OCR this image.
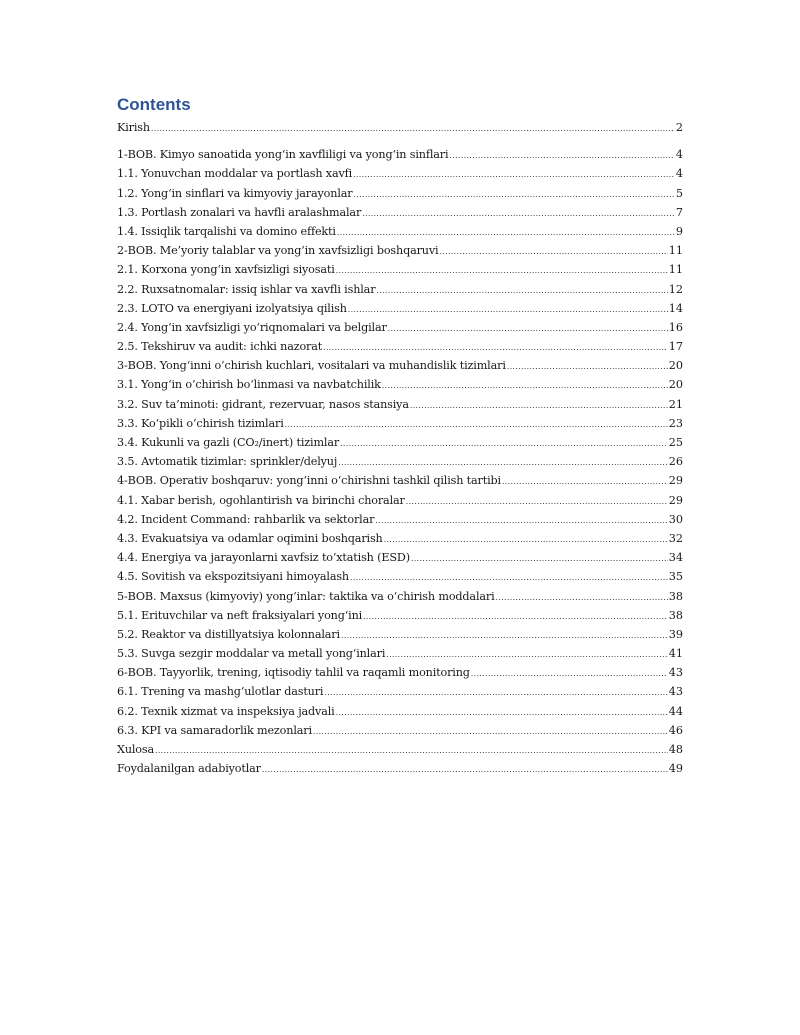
Contents
Kirish .....	2
1-BOB. Kimyo sanoatida yong‘in xavfliligi va yong‘in sinflari .....	4
1.1. Yonuvchan moddalar va portlash xavfi .....	4
1.2. Yong‘in sinflari va kimyoviy jarayonlar .....	5
1.3. Portlash zonalari va havfli aralashmalar .....	7
1.4. Issiqlik tarqalishi va domino effekti .....	9
2-BOB. Me’yoriy talablar va yong‘in xavfsizligi boshqaruvi .....	11
2.1. Korxona yong‘in xavfsizligi siyosati .....	11
2.2. Ruxsatnomalar: issiq ishlar va xavfli ishlar .....	12
2.3. LOTO va energiyani izolyatsiya qilish .....	14
2.4. Yong‘in xavfsizligi yo‘riqnomalari va belgilar .....	16
2.5. Tekshiruv va audit: ichki nazorat .....	17
3-BOB. Yong‘inni o‘chirish kuchlari, vositalari va muhandislik tizimlari .....	20
3.1. Yong‘in o‘chirish bo‘linmasi va navbatchilik .....	20
3.2. Suv ta’minoti: gidrant, rezervuar, nasos stansiya .....	21
3.3. Ko‘pikli o‘chirish tizimlari .....	23
3.4. Kukunli va gazli (CO₂/inert) tizimlar .....	25
3.5. Avtomatik tizimlar: sprinkler/delyuj .....	26
4-BOB. Operativ boshqaruv: yong‘inni o‘chirishni tashkil qilish tartibi .....	29
4.1. Xabar berish, ogohlantirish va birinchi choralar .....	29
4.2. Incident Command: rahbarlik va sektorlar .....	30
4.3. Evakuatsiya va odamlar oqimini boshqarish .....	32
4.4. Energiya va jarayonlarni xavfsiz to‘xtatish (ESD) .....	34
4.5. Sovitish va ekspozitsiyani himoyalash .....	35
5-BOB. Maxsus (kimyoviy) yong‘inlar: taktika va o‘chirish moddalari .....	38
5.1. Erituvchilar va neft fraksiyalari yong‘ini .....	38
5.2. Reaktor va distillyatsiya kolonnalari .....	39
5.3. Suvga sezgir moddalar va metall yong‘inlari .....	41
6-BOB. Tayyorlik, trening, iqtisodiy tahlil va raqamli monitoring .....	43
6.1. Trening va mashg‘ulotlar dasturi .....	43
6.2. Texnik xizmat va inspeksiya jadvali .....	44
6.3. KPI va samaradorlik mezonlari .....	46
Xulosa .....	48
Foydalanilgan adabiyotlar .....	49
